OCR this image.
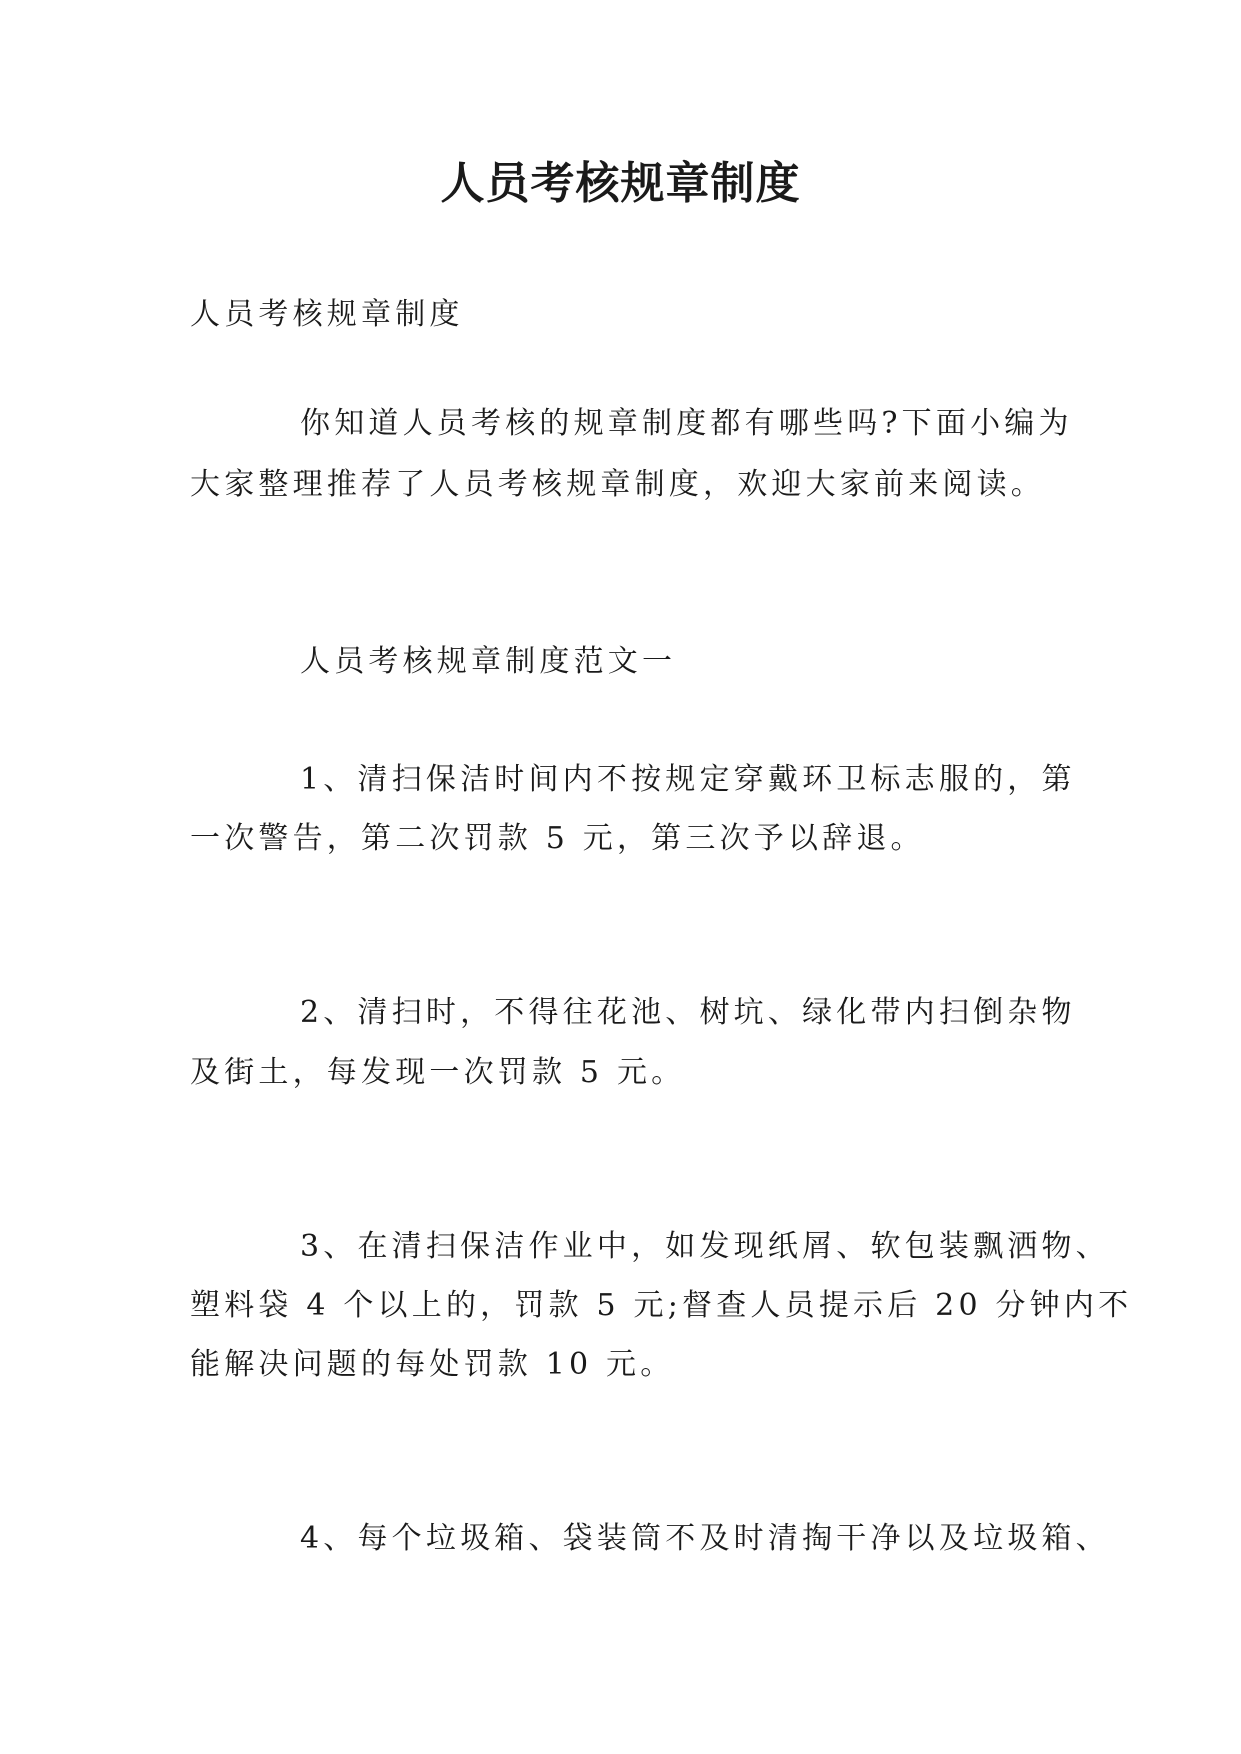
人员考核规章制度
人员考核规章制度
你知道人员考核的规章制度都有哪些吗?下面小编为
大家整理推荐了人员考核规章制度，欢迎大家前来阅读。
人员考核规章制度范文一
1、清扫保洁时间内不按规定穿戴环卫标志服的，第
一次警告，第二次罚款 5 元，第三次予以辞退。
2、清扫时，不得往花池、树坑、绿化带内扫倒杂物
及街土，每发现一次罚款 5 元。
3、在清扫保洁作业中，如发现纸屑、软包装飘洒物、
塑料袋 4 个以上的，罚款 5 元;督查人员提示后 20 分钟内不
能解决问题的每处罚款 10 元。
4、每个垃圾箱、袋装筒不及时清掏干净以及垃圾箱、
